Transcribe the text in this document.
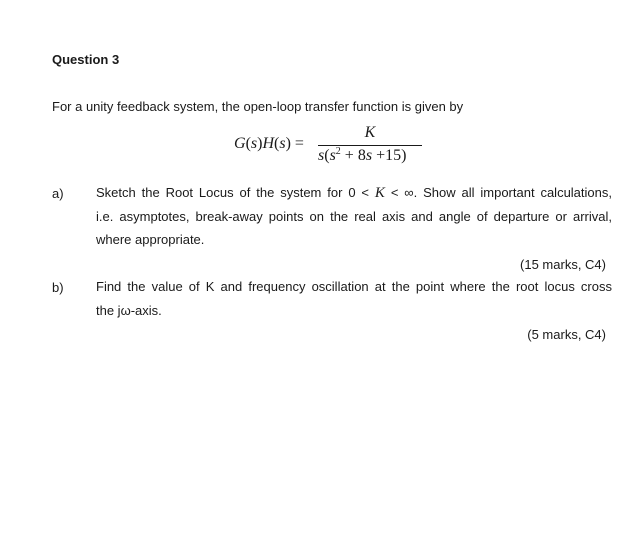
Question 3
For a unity feedback system, the open-loop transfer function is given by
G(s)H(s) =
K
$s(s^2 + 8s +15)$
a) Sketch the Root Locus of the system for 0 < K < ∞. Show all important calculations,
i.e. asymptotes, break-away points on the real axis and angle of departure or arrival,
where appropriate.
(15 marks, C4)
b) Find the value of K and frequency oscillation at the point where the root locus cross
the jω-axis.
(5 marks, C4)
